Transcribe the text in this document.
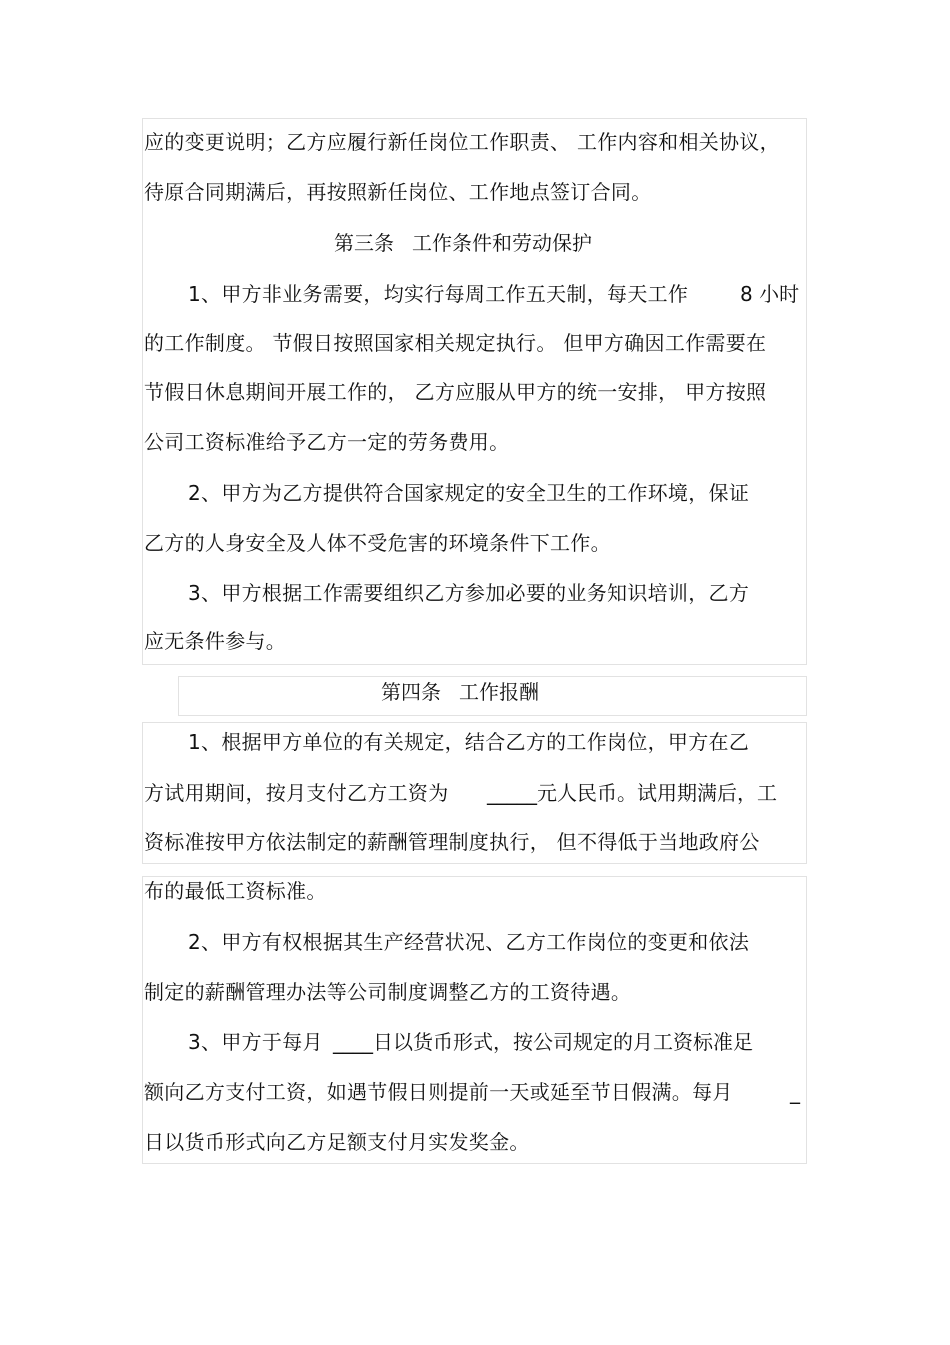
应的变更说明；乙方应履行新任岗位工作职责、 工作内容和相关协议，
待原合同期满后，再按照新任岗位、工作地点签订合同。
第三条 工作条件和劳动保护
1、甲方非业务需要，均实行每周工作五天制，每天工作	8 小时
的工作制度。 节假日按照国家相关规定执行。 但甲方确因工作需要在
节假日休息期间开展工作的， 乙方应服从甲方的统一安排， 甲方按照
公司工资标准给予乙方一定的劳务费用。
2、甲方为乙方提供符合国家规定的安全卫生的工作环境，保证
乙方的人身安全及人体不受危害的环境条件下工作。
3、甲方根据工作需要组织乙方参加必要的业务知识培训，乙方
应无条件参与。
第四条 工作报酬
1、根据甲方单位的有关规定，结合乙方的工作岗位，甲方在乙
方试用期间，按月支付乙方工资为 _____元人民币。试用期满后，工
资标准按甲方依法制定的薪酬管理制度执行， 但不得低于当地政府公
布的最低工资标准。
2、甲方有权根据其生产经营状况、乙方工作岗位的变更和依法
制定的薪酬管理办法等公司制度调整乙方的工资待遇。
3、甲方于每月 ____日以货币形式，按公司规定的月工资标准足
额向乙方支付工资，如遇节假日则提前一天或延至节日假满。每月	_
日以货币形式向乙方足额支付月实发奖金。
